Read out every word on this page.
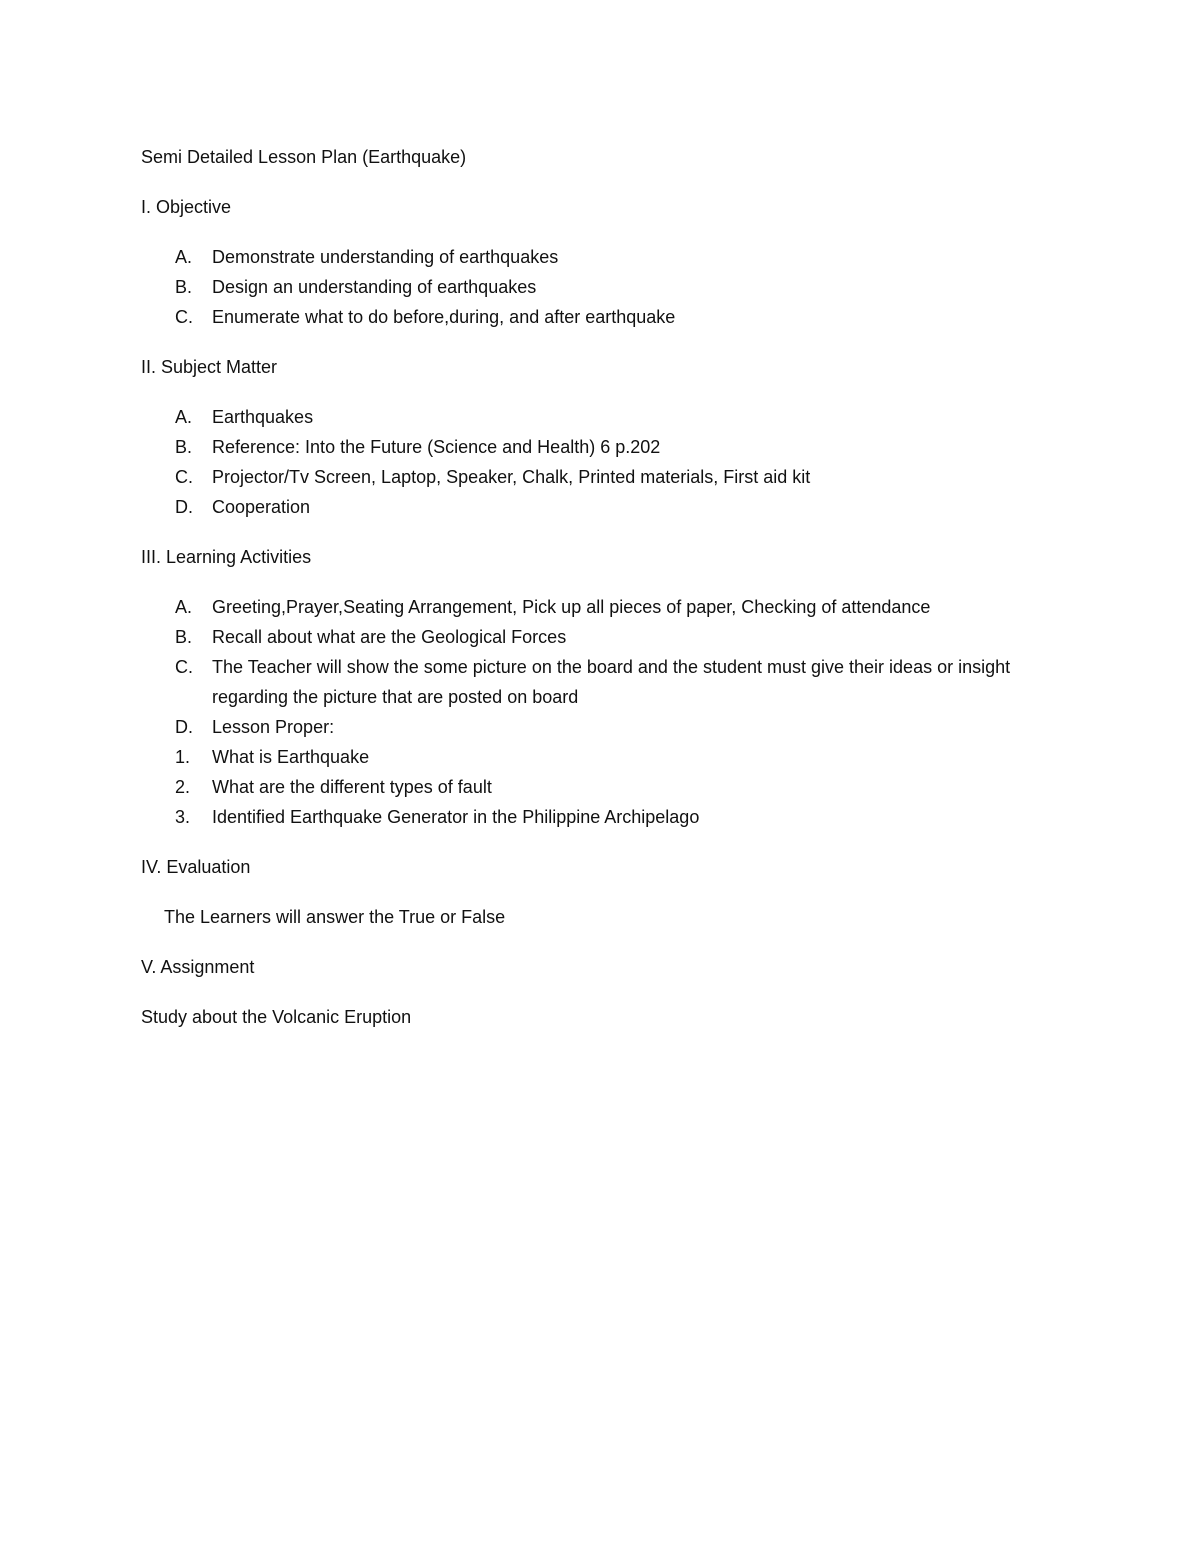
Semi Detailed Lesson Plan (Earthquake)

I. Objective

A.	Demonstrate understanding of earthquakes
B.	Design an understanding of earthquakes
C.	Enumerate what to do before,during, and after earthquake

II. Subject Matter

A.	Earthquakes
B.	Reference: Into the Future (Science and Health) 6 p.202
C.	Projector/Tv Screen, Laptop, Speaker, Chalk, Printed materials, First aid kit
D.	Cooperation

III. Learning Activities

A.	Greeting,Prayer,Seating Arrangement, Pick up all pieces of paper, Checking of attendance
B.	Recall about what are the Geological Forces
C.	The Teacher will show the some picture on the board and the student must give their ideas or insight regarding the picture that are posted on board
D.	Lesson Proper:
1.	What is Earthquake
2.	What are the different types of fault
3.	Identified Earthquake Generator in the Philippine Archipelago

IV. Evaluation

The Learners will answer the True or False

V. Assignment

Study about the Volcanic Eruption
